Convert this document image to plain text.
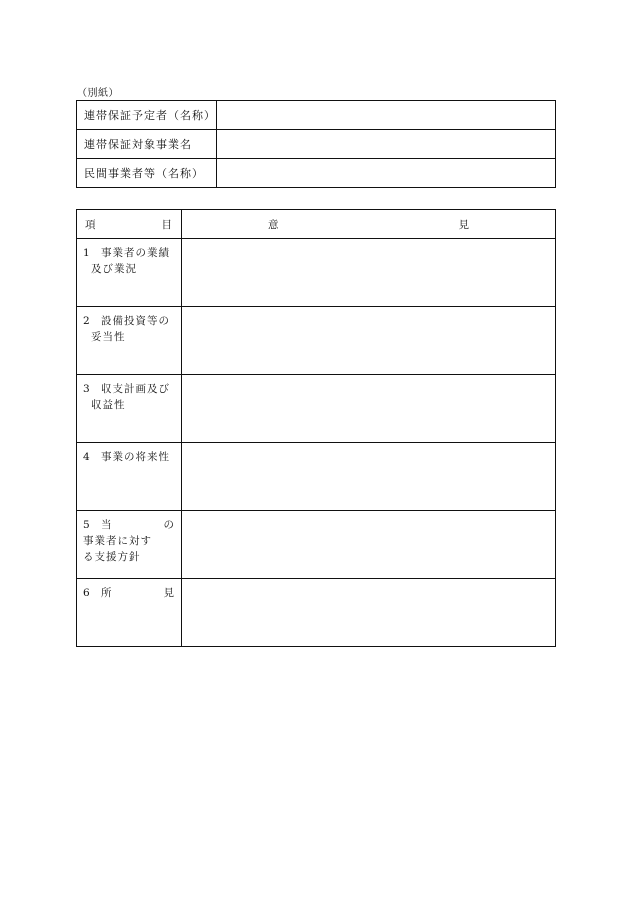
（別紙）
連帯保証予定者（名称）	
連帯保証対象事業名	
民間事業者等（名称）	
項 目	意 見

1 事業者の業績
及び業況	

2 設備投資等の
妥当性	

3 収支計画及び
収益性	

4 事業の将来性	

5 当 の
事業者に対す
る支援方針	

6 所 見	
